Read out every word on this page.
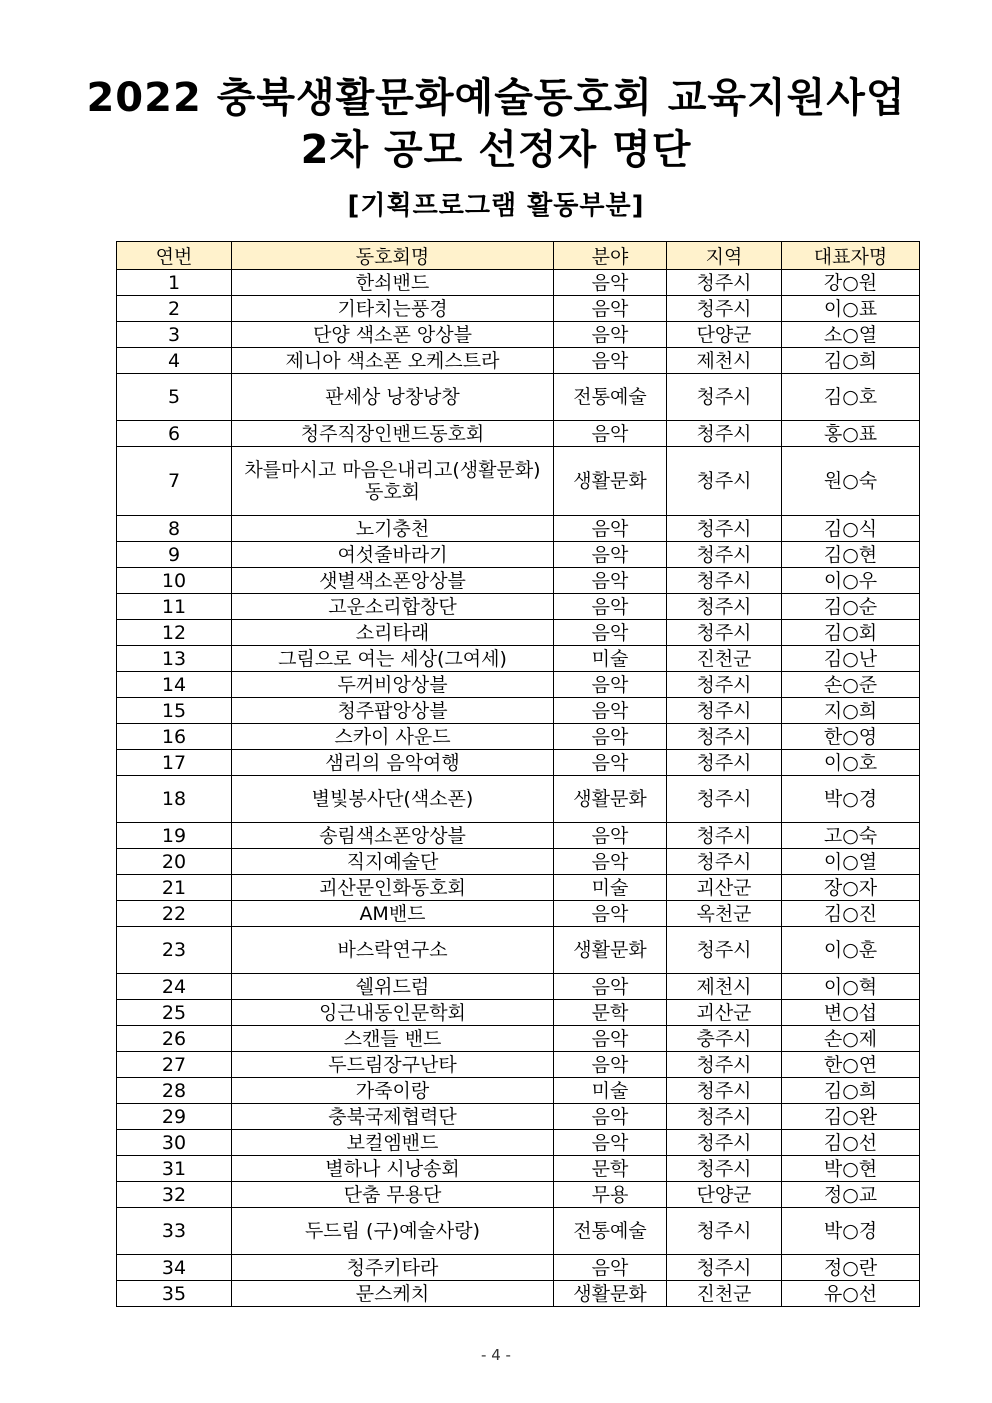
2022 충북생활문화예술동호회 교육지원사업
2차 공모 선정자 명단
[기획프로그램 활동부분]
연번	동호회명	분야	지역	대표자명
1	한쇠밴드	음악	청주시	강○원
2	기타치는풍경	음악	청주시	이○표
3	단양 색소폰 앙상블	음악	단양군	소○열
4	제니아 색소폰 오케스트라	음악	제천시	김○희
5	판세상 낭창낭창	전통예술	청주시	김○호
6	청주직장인밴드동호회	음악	청주시	홍○표
7	차를마시고 마음은내리고(생활문화)동호회	생활문화	청주시	원○숙
8	노기충천	음악	청주시	김○식
9	여섯줄바라기	음악	청주시	김○현
10	샛별색소폰앙상블	음악	청주시	이○우
11	고운소리합창단	음악	청주시	김○순
12	소리타래	음악	청주시	김○회
13	그림으로 여는 세상(그여세)	미술	진천군	김○난
14	두꺼비앙상블	음악	청주시	손○준
15	청주팝앙상블	음악	청주시	지○희
16	스카이 사운드	음악	청주시	한○영
17	샘리의 음악여행	음악	청주시	이○호
18	별빛봉사단(색소폰)	생활문화	청주시	박○경
19	송림색소폰앙상블	음악	청주시	고○숙
20	직지예술단	음악	청주시	이○열
21	괴산문인화동호회	미술	괴산군	장○자
22	AM밴드	음악	옥천군	김○진
23	바스락연구소	생활문화	청주시	이○훈
24	쉘위드럼	음악	제천시	이○혁
25	잉근내동인문학회	문학	괴산군	변○섭
26	스캔들 밴드	음악	충주시	손○제
27	두드림장구난타	음악	청주시	한○연
28	가죽이랑	미술	청주시	김○희
29	충북국제협력단	음악	청주시	김○완
30	보컬엠밴드	음악	청주시	김○선
31	별하나 시낭송회	문학	청주시	박○현
32	단춤 무용단	무용	단양군	정○교
33	두드림 (구)예술사랑)	전통예술	청주시	박○경
34	청주키타라	음악	청주시	정○란
35	문스케치	생활문화	진천군	유○선
- 4 -
